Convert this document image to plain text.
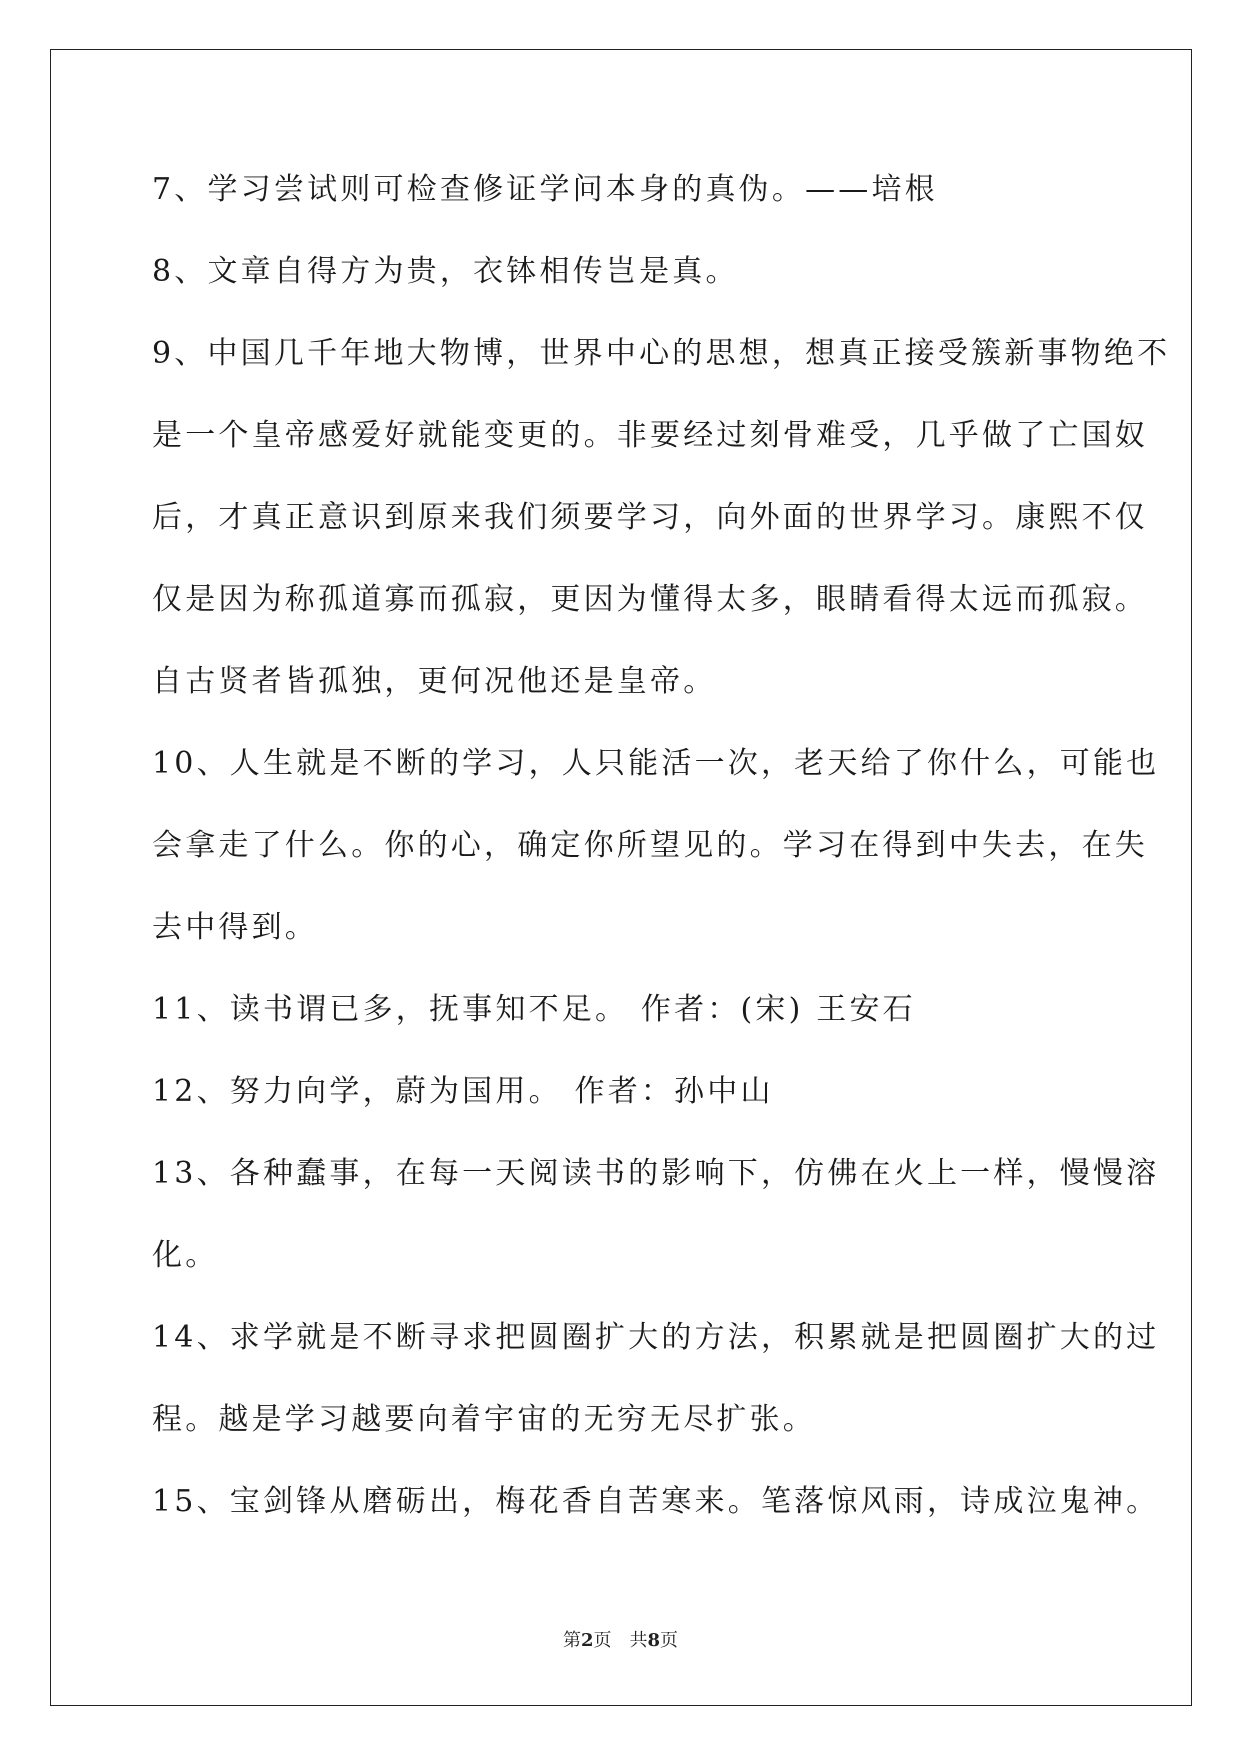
7、学习尝试则可检查修证学问本身的真伪。——培根
8、文章自得方为贵，衣钵相传岂是真。
9、中国几千年地大物博，世界中心的思想，想真正接受簇新事物绝不
是一个皇帝感爱好就能变更的。非要经过刻骨难受，几乎做了亡国奴
后，才真正意识到原来我们须要学习，向外面的世界学习。康熙不仅
仅是因为称孤道寡而孤寂，更因为懂得太多，眼睛看得太远而孤寂。
自古贤者皆孤独，更何况他还是皇帝。
10、人生就是不断的学习，人只能活一次，老天给了你什么，可能也
会拿走了什么。你的心，确定你所望见的。学习在得到中失去，在失
去中得到。
11、读书谓已多，抚事知不足。 作者：(宋) 王安石
12、努力向学，蔚为国用。 作者：孙中山
13、各种蠢事，在每一天阅读书的影响下，仿佛在火上一样，慢慢溶
化。
14、求学就是不断寻求把圆圈扩大的方法，积累就是把圆圈扩大的过
程。越是学习越要向着宇宙的无穷无尽扩张。
15、宝剑锋从磨砺出，梅花香自苦寒来。笔落惊风雨，诗成泣鬼神。
第2页　共8页
